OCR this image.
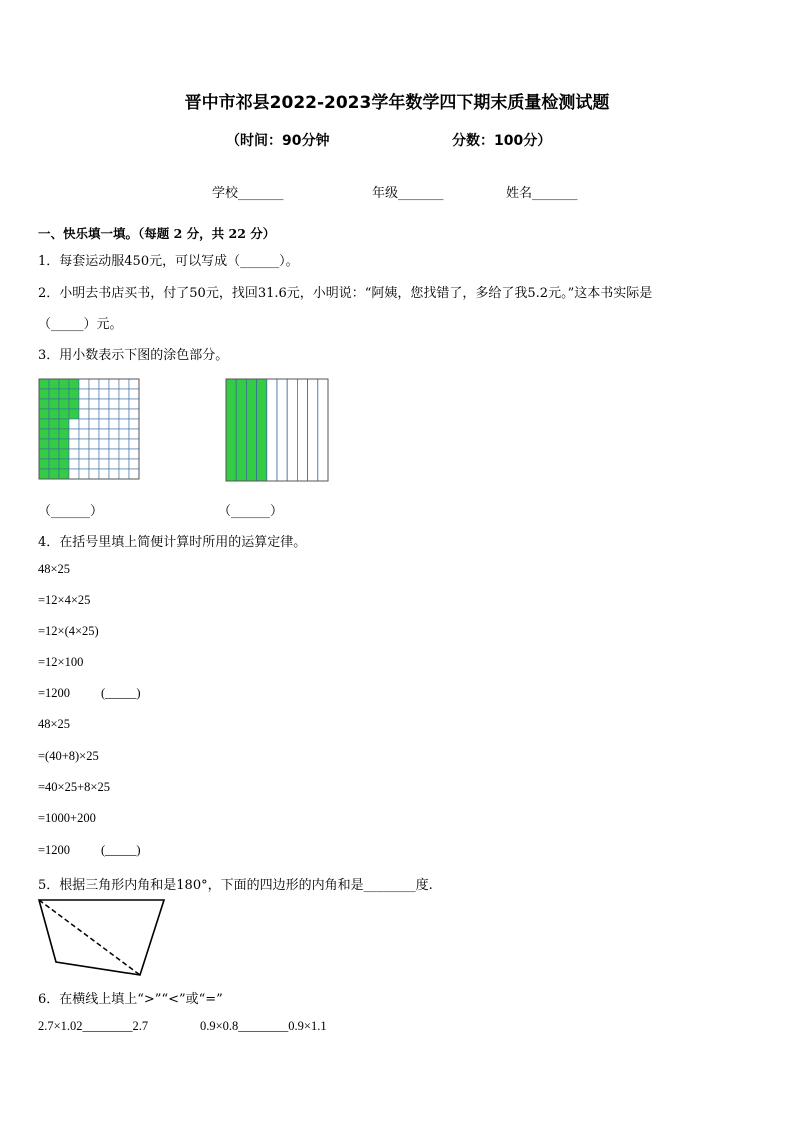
晋中市祁县2022-2023学年数学四下期末质量检测试题
（时间：90分钟	分数：100分）
学校_______	年级_______	姓名_______
一、快乐填一填。（每题 2 分，共 22 分）
1．每套运动服450元，可以写成（______）。
2．小明去书店买书，付了50元，找回31.6元，小明说：“阿姨，您找错了，多给了我5.2元。”这本书实际是
（_____）元。
3．用小数表示下图的涂色部分。
（______）	（______）
4．在括号里填上简便计算时所用的运算定律。
48×25
=12×4×25
=12×(4×25)
=12×100
=1200 (_____)
48×25
=(40+8)×25
=40×25+8×25
=1000+200
=1200 (_____)
5．根据三角形内角和是180°，下面的四边形的内角和是________度.
6．在横线上填上“>”“<”或“=”
2.7×1.02________2.7	0.9×0.8________0.9×1.1
